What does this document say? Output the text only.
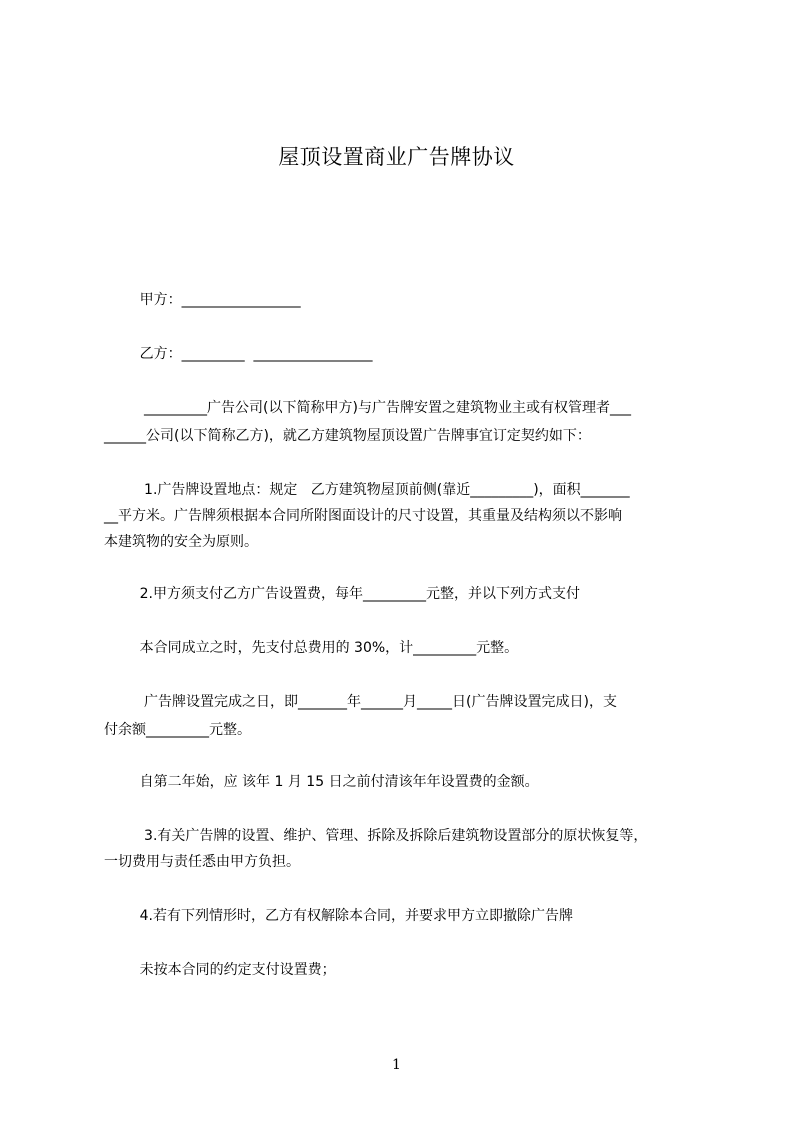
屋顶设置商业广告牌协议
甲方：_________________
乙方：_________  _________________
_________广告公司(以下简称甲方)与广告牌安置之建筑物业主或有权管理者___
______公司(以下简称乙方)，就乙方建筑物屋顶设置广告牌事宜订定契约如下：
1.广告牌设置地点：规定   乙方建筑物屋顶前侧(靠近_________)，面积_______
__平方米。广告牌须根据本合同所附图面设计的尺寸设置，其重量及结构须以不影响
本建筑物的安全为原则。
2.甲方须支付乙方广告设置费，每年_________元整，并以下列方式支付
本合同成立之时，先支付总费用的 30%，计_________元整。
广告牌设置完成之日，即_______年______月_____日(广告牌设置完成日)，支
付余额_________元整。
自第二年始，应 该年 1 月 15 日之前付清该年年设置费的金额。
3.有关广告牌的设置、维护、管理、拆除及拆除后建筑物设置部分的原状恢复等，
一切费用与责任悉由甲方负担。
4.若有下列情形时，乙方有权解除本合同，并要求甲方立即撤除广告牌
未按本合同的约定支付设置费；
1
